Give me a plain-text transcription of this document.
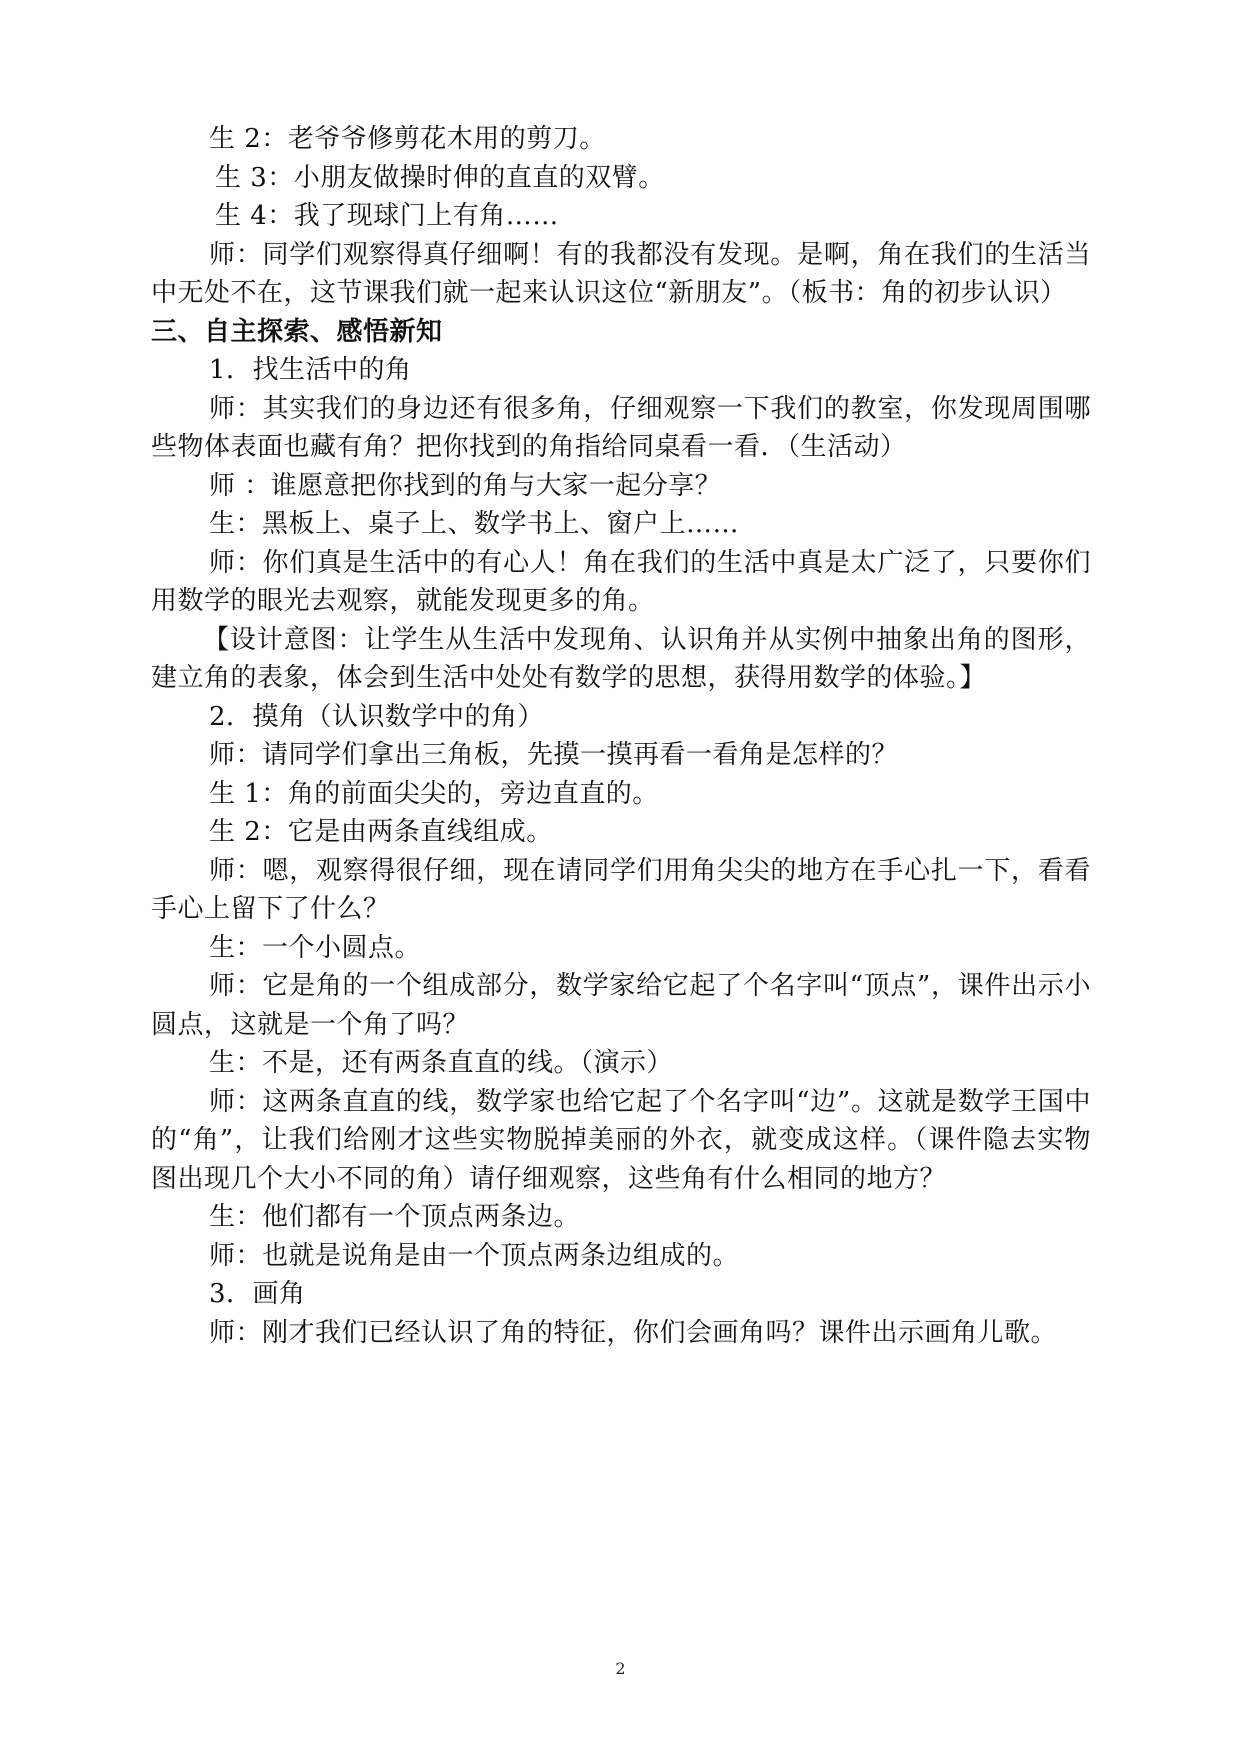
生 2：老爷爷修剪花木用的剪刀。

生 3：小朋友做操时伸的直直的双臂。

生 4：我了现球门上有角……

师：同学们观察得真仔细啊！有的我都没有发现。是啊，角在我们的生活当中无处不在，这节课我们就一起来认识这位“新朋友”。（板书：角的初步认识）

三、自主探索、感悟新知

1．找生活中的角

师：其实我们的身边还有很多角，仔细观察一下我们的教室，你发现周围哪些物体表面也藏有角？把你找到的角指给同桌看一看．（生活动）

师 ：谁愿意把你找到的角与大家一起分享？

生：黑板上、桌子上、数学书上、窗户上……

师：你们真是生活中的有心人！角在我们的生活中真是太广泛了，只要你们用数学的眼光去观察，就能发现更多的角。

【设计意图：让学生从生活中发现角、认识角并从实例中抽象出角的图形，建立角的表象，体会到生活中处处有数学的思想，获得用数学的体验。】

2．摸角（认识数学中的角）

师：请同学们拿出三角板，先摸一摸再看一看角是怎样的？

生 1：角的前面尖尖的，旁边直直的。

生 2：它是由两条直线组成。

师：嗯，观察得很仔细，现在请同学们用角尖尖的地方在手心扎一下，看看手心上留下了什么？

生：一个小圆点。

师：它是角的一个组成部分，数学家给它起了个名字叫“顶点”，课件出示小圆点，这就是一个角了吗？

生：不是，还有两条直直的线。（演示）

师：这两条直直的线，数学家也给它起了个名字叫“边”。这就是数学王国中的“角”，让我们给刚才这些实物脱掉美丽的外衣，就变成这样。（课件隐去实物图出现几个大小不同的角）请仔细观察，这些角有什么相同的地方？

生：他们都有一个顶点两条边。

师：也就是说角是由一个顶点两条边组成的。

3．画角

师：刚才我们已经认识了角的特征，你们会画角吗？课件出示画角儿歌。

2
